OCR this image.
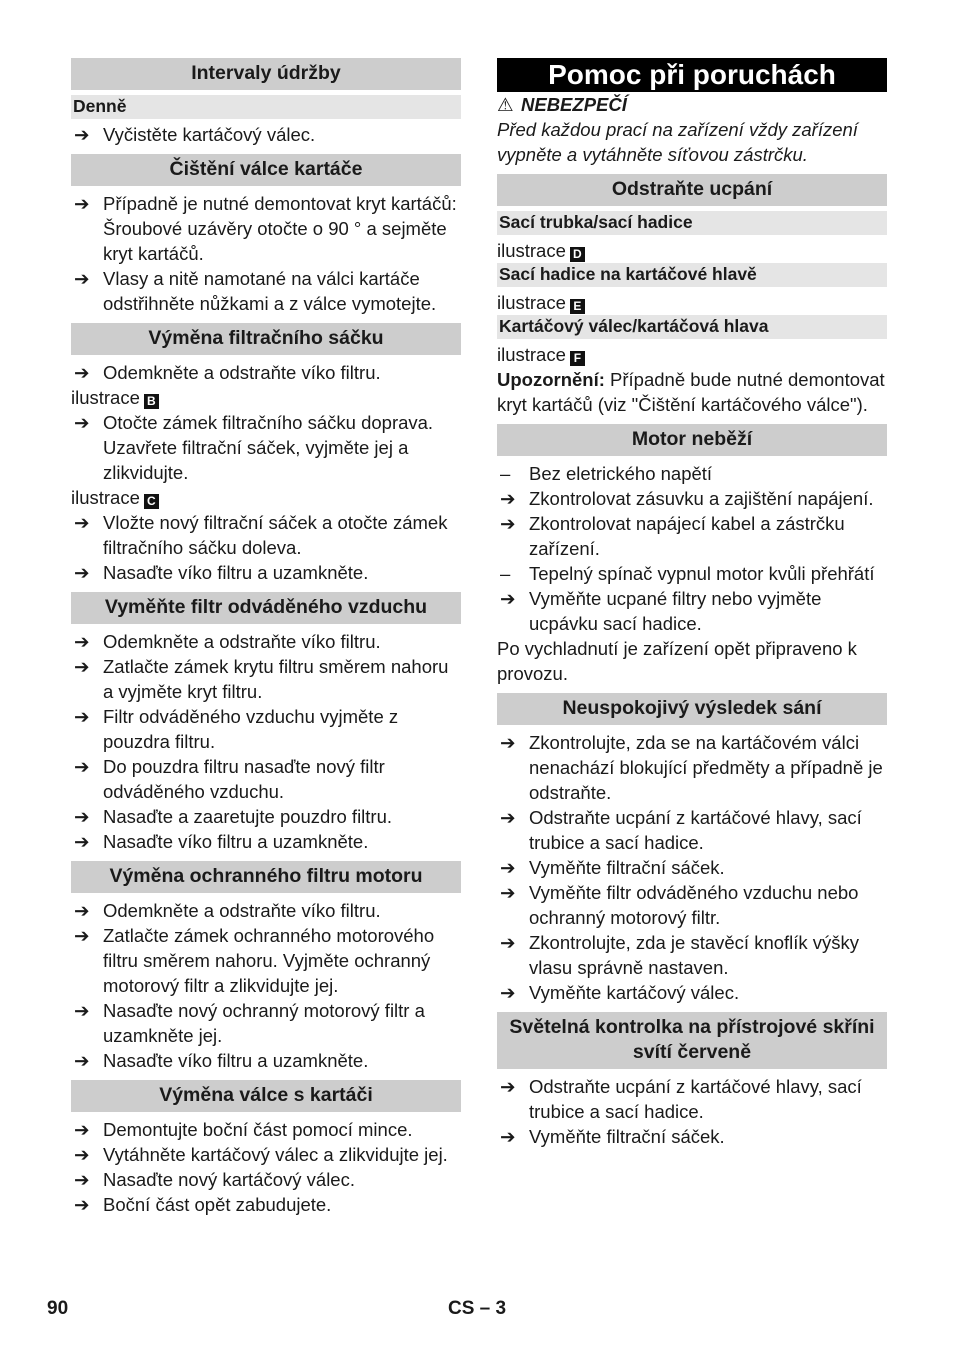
Intervaly údržby
Denně
➔ Vyčistěte kartáčový válec.
Čištění válce kartáče
➔ Případně je nutné demontovat kryt kartáčů: Šroubové uzávěry otočte o 90 ° a sejměte kryt kartáčů.
➔ Vlasy a nitě namotané na válci kartáče odstřihněte nůžkami a z válce vymotejte.
Výměna filtračního sáčku
➔ Odemkněte a odstraňte víko filtru.
ilustrace B
➔ Otočte zámek filtračního sáčku doprava. Uzavřete filtrační sáček, vyjměte jej a zlikvidujte.
ilustrace C
➔ Vložte nový filtrační sáček a otočte zámek filtračního sáčku doleva.
➔ Nasaďte víko filtru a uzamkněte.
Vyměňte filtr odváděného vzduchu
➔ Odemkněte a odstraňte víko filtru.
➔ Zatlačte zámek krytu filtru směrem nahoru a vyjměte kryt filtru.
➔ Filtr odváděného vzduchu vyjměte z pouzdra filtru.
➔ Do pouzdra filtru nasaďte nový filtr odváděného vzduchu.
➔ Nasaďte a zaaretujte pouzdro filtru.
➔ Nasaďte víko filtru a uzamkněte.
Výměna ochranného filtru motoru
➔ Odemkněte a odstraňte víko filtru.
➔ Zatlačte zámek ochranného motorového filtru směrem nahoru. Vyjměte ochranný motorový filtr a zlikvidujte jej.
➔ Nasaďte nový ochranný motorový filtr a uzamkněte jej.
➔ Nasaďte víko filtru a uzamkněte.
Výměna válce s kartáči
➔ Demontujte boční část pomocí mince.
➔ Vytáhněte kartáčový válec a zlikvidujte jej.
➔ Nasaďte nový kartáčový válec.
➔ Boční část opět zabudujete.
Pomoc při poruchách
⚠ NEBEZPEČÍ
Před každou prací na zařízení vždy zařízení vypněte a vytáhněte síťovou zástrčku.
Odstraňte ucpání
Sací trubka/sací hadice
ilustrace D
Sací hadice na kartáčové hlavě
ilustrace E
Kartáčový válec/kartáčová hlava
ilustrace F
Upozornění: Případně bude nutné demontovat kryt kartáčů (viz "Čištění kartáčového válce").
Motor neběží
– Bez eletrického napětí
➔ Zkontrolovat zásuvku a zajištění napájení.
➔ Zkontrolovat napájecí kabel a zástrčku zařízení.
– Tepelný spínač vypnul motor kvůli přehřátí
➔ Vyměňte ucpané filtry nebo vyjměte ucpávku sací hadice.
Po vychladnutí je zařízení opět připraveno k provozu.
Neuspokojivý výsledek sání
➔ Zkontrolujte, zda se na kartáčovém válci nenachází blokující předměty a případně je odstraňte.
➔ Odstraňte ucpání z kartáčové hlavy, sací trubice a sací hadice.
➔ Vyměňte filtrační sáček.
➔ Vyměňte filtr odváděného vzduchu nebo ochranný motorový filtr.
➔ Zkontrolujte, zda je stavěcí knoflík výšky vlasu správně nastaven.
➔ Vyměňte kartáčový válec.
Světelná kontrolka na přístrojové skříni svítí červeně
➔ Odstraňte ucpání z kartáčové hlavy, sací trubice a sací hadice.
➔ Vyměňte filtrační sáček.
90	CS – 3
